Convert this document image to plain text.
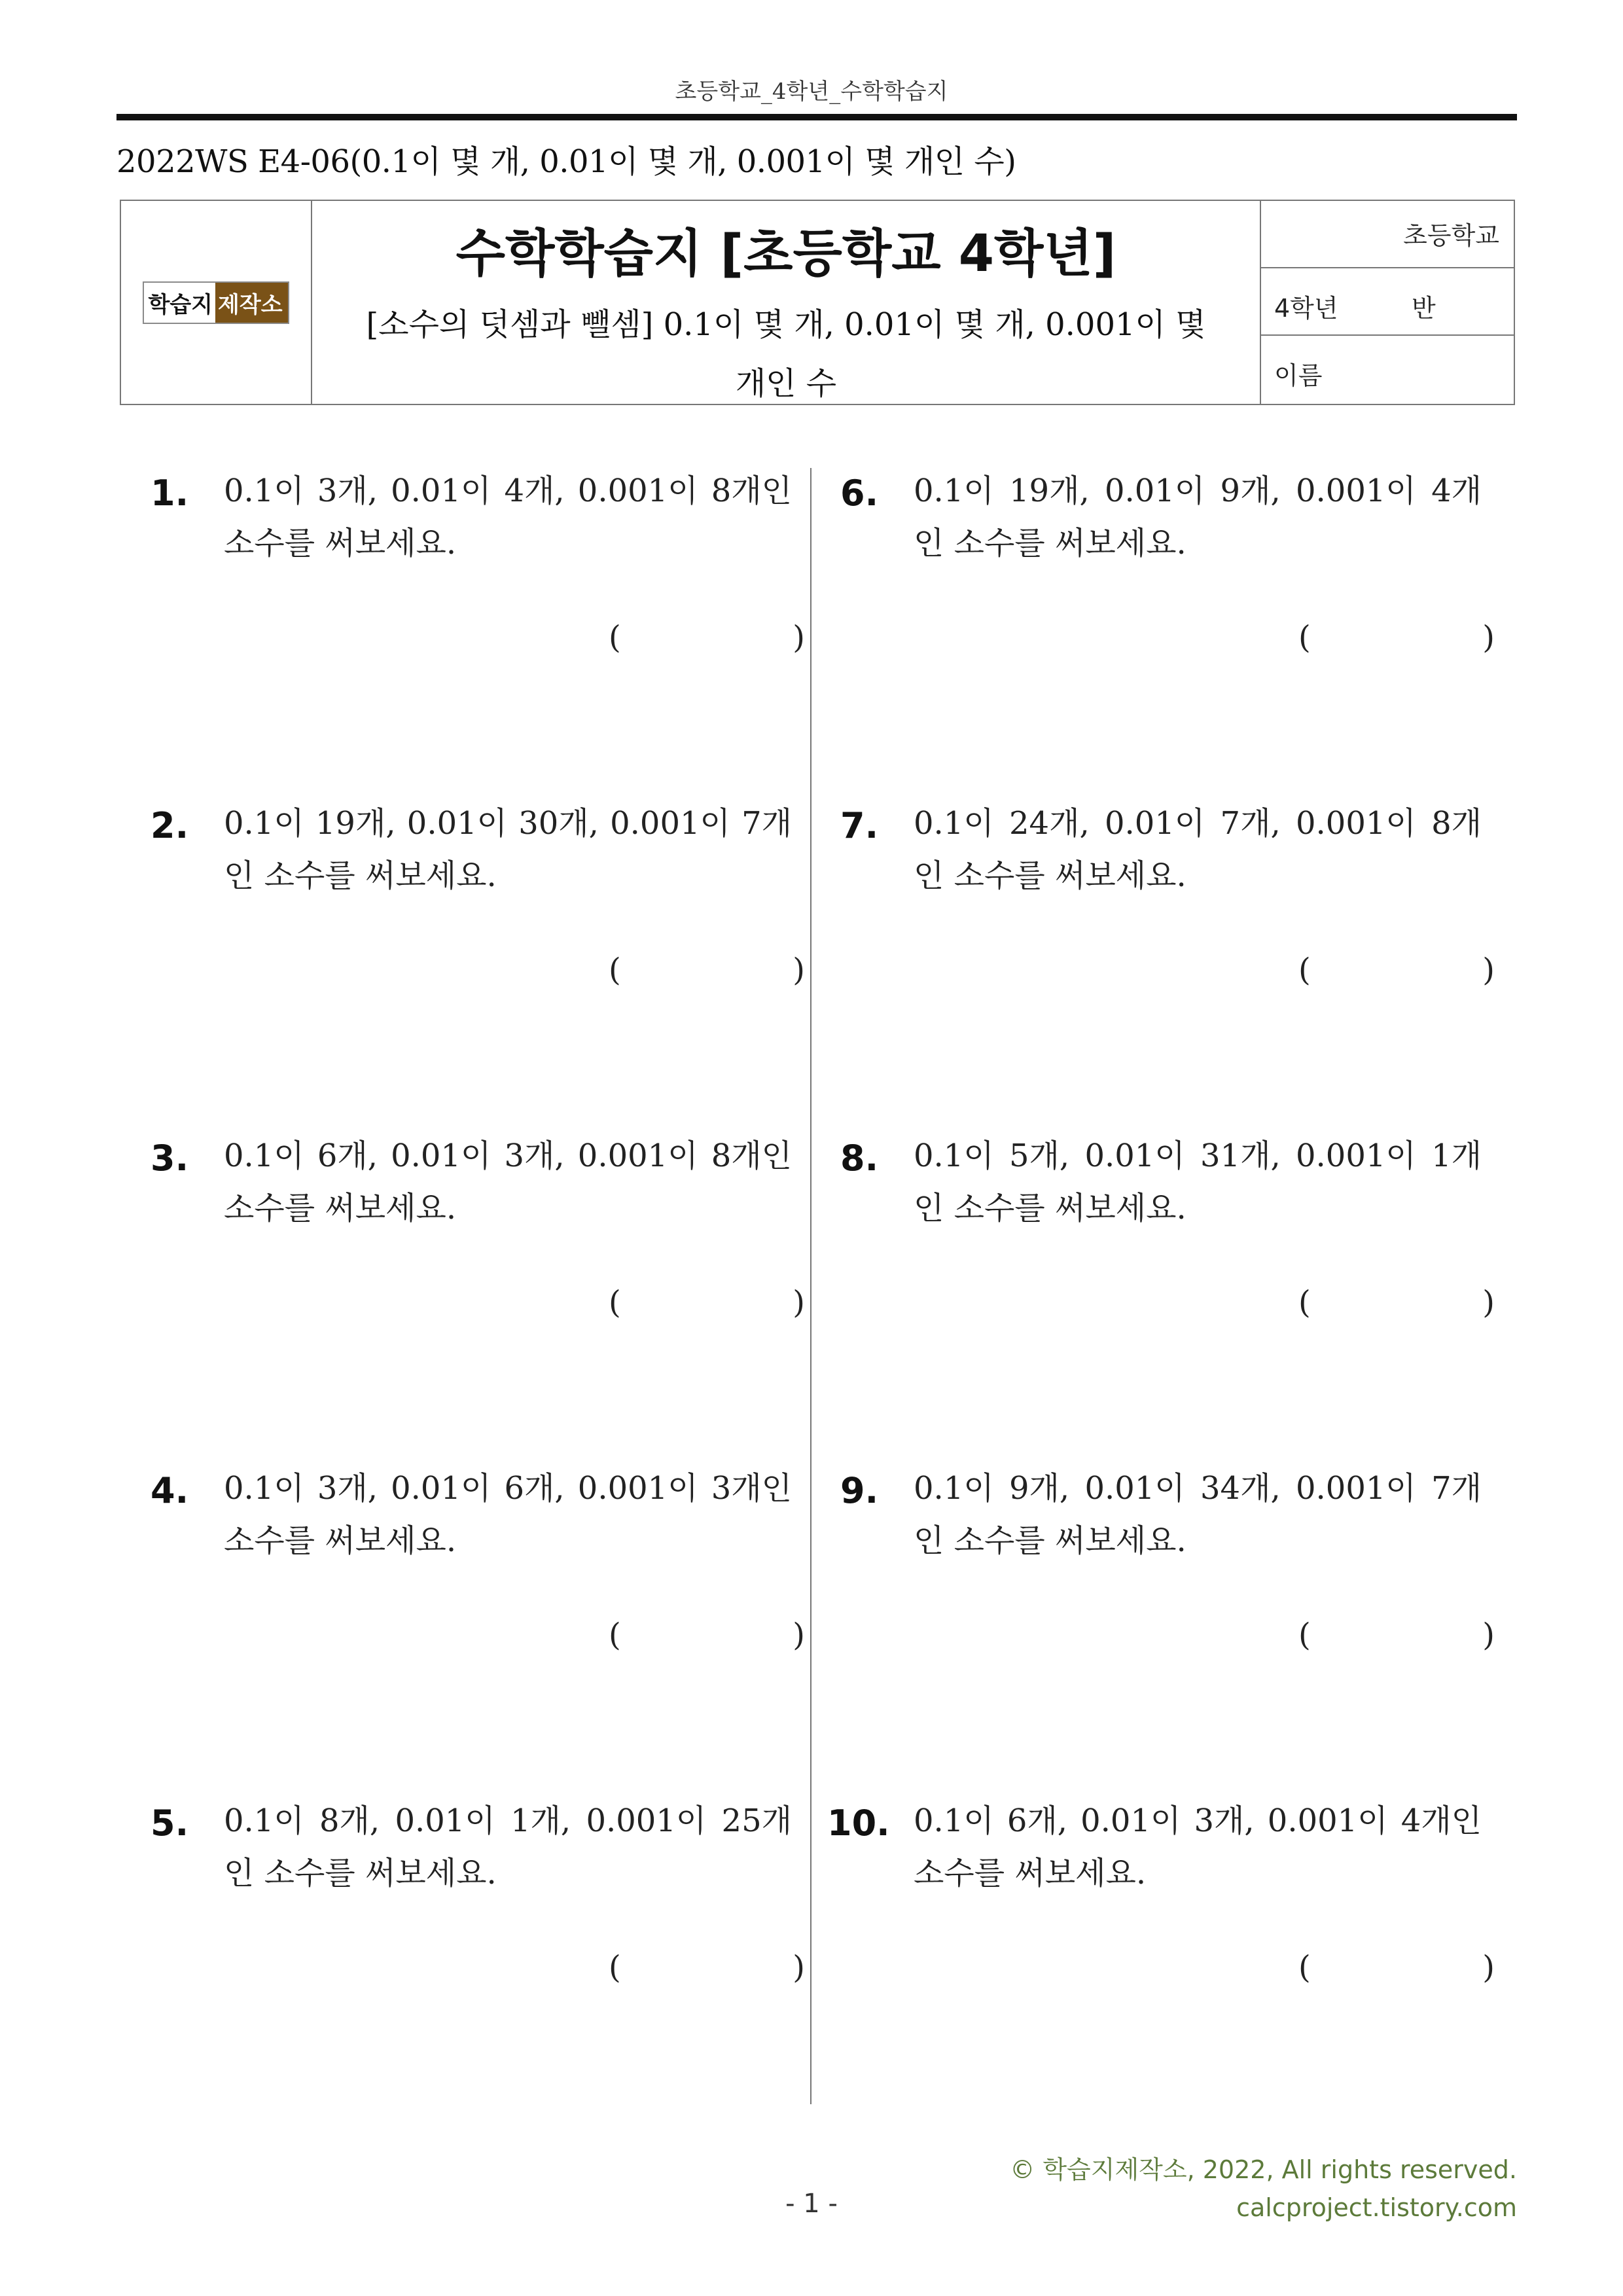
초등학교_4학년_수학학습지
2022WS E4-06(0.1이 몇 개, 0.01이 몇 개, 0.001이 몇 개인 수)
학습지 제작소
수학학습지 [초등학교 4학년]
[소수의 덧셈과 뺄셈] 0.1이 몇 개, 0.01이 몇 개, 0.001이 몇 개인 수
초등학교
4학년	반
이름
1. 0.1이 3개, 0.01이 4개, 0.001이 8개인 소수를 써보세요.
(	)
2. 0.1이 19개, 0.01이 30개, 0.001이 7개인 소수를 써보세요.
(	)
3. 0.1이 6개, 0.01이 3개, 0.001이 8개인 소수를 써보세요.
(	)
4. 0.1이 3개, 0.01이 6개, 0.001이 3개인 소수를 써보세요.
(	)
5. 0.1이 8개, 0.01이 1개, 0.001이 25개인 소수를 써보세요.
(	)
6. 0.1이 19개, 0.01이 9개, 0.001이 4개인 소수를 써보세요.
(	)
7. 0.1이 24개, 0.01이 7개, 0.001이 8개인 소수를 써보세요.
(	)
8. 0.1이 5개, 0.01이 31개, 0.001이 1개인 소수를 써보세요.
(	)
9. 0.1이 9개, 0.01이 34개, 0.001이 7개인 소수를 써보세요.
(	)
10. 0.1이 6개, 0.01이 3개, 0.001이 4개인 소수를 써보세요.
(	)
© 학습지제작소, 2022, All rights reserved.
calcproject.tistory.com
- 1 -
